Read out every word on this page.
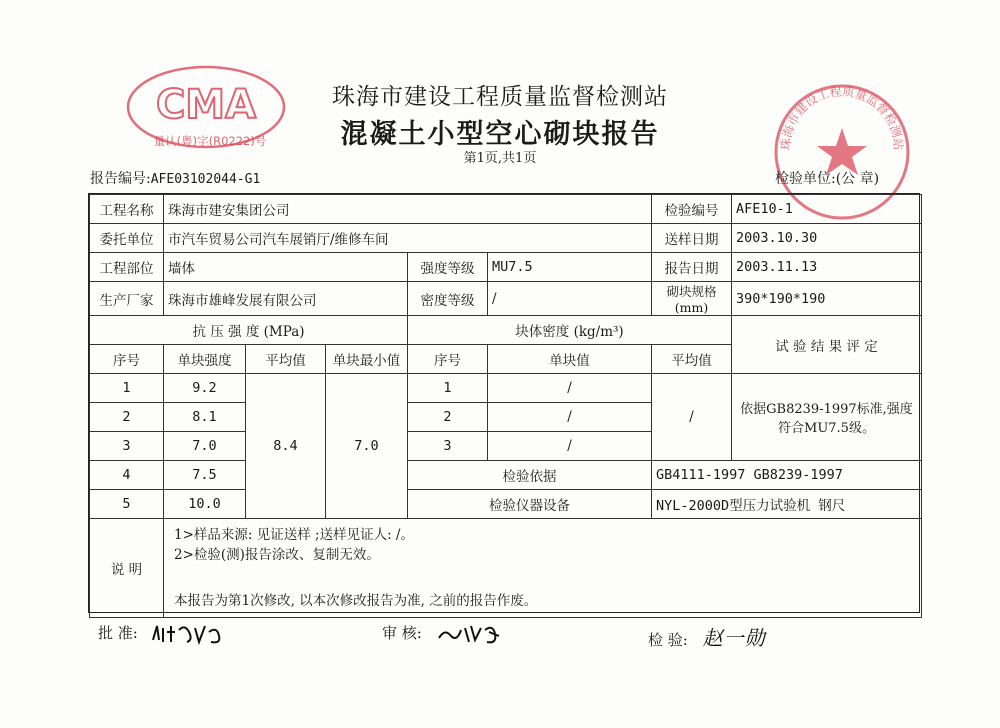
CMA
量认(粤)字(R0222)号	珠海市建设工程质量监督检测站
珠海市建设工程质量监督检测站
混凝土小型空心砌块报告
第1页,共1页
报告编号:AFE03102044-G1	检验单位:(公 章)
工程名称	珠海市建安集团公司					检验编号	AFE10-1
委托单位	市汽车贸易公司汽车展销厅/维修车间					送样日期	2003.10.30
工程部位	墙体			强度等级	MU7.5	报告日期	2003.11.13
生产厂家	珠海市雄峰发展有限公司			密度等级	/	砌块规格(mm)	390*190*190
抗 压 强 度 (MPa)				块体密度 (kg/m³)			试 验 结 果 评 定
序号	单块强度	平均值	单块最小值	序号	单块值	平均值	
1	9.2	8.4	7.0	1	/	/	依据GB8239-1997标准,强度符合MU7.5级。
2	8.1			2	/		
3	7.0			3	/		
4	7.5			检验依据		GB4111-1997 GB8239-1997	
5	10.0			检验仪器设备		NYL-2000D型压力试验机 钢尺	
说 明	1>样品来源: 见证送样 ;送样见证人: /。
2>检验(测)报告涂改、复制无效。
本报告为第1次修改, 以本次修改报告为准, 之前的报告作废。						
批 准:	审 核:	检 验: 赵一勋
